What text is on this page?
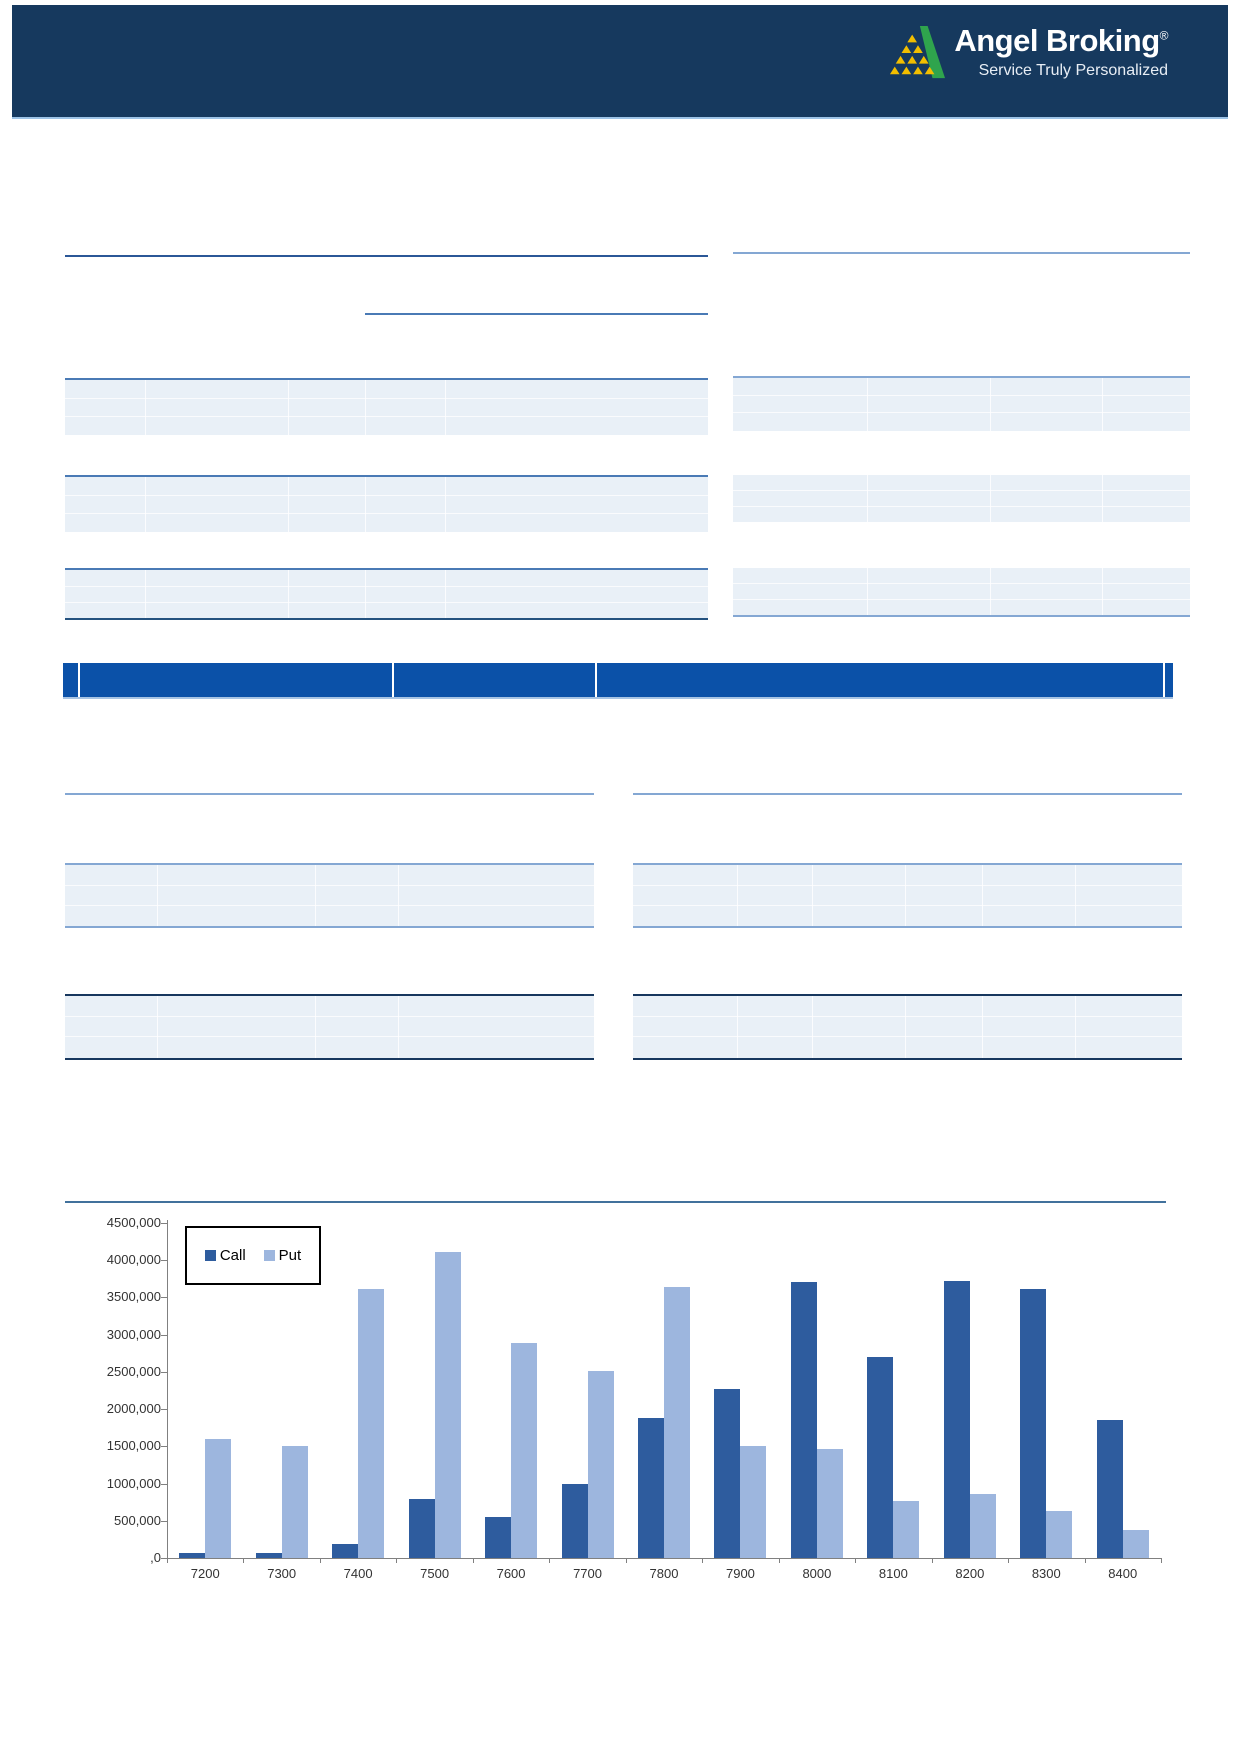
Angel Broking®
Service Truly Personalized
Call Put
,0
500,000
1000,000
1500,000
2000,000
2500,000
3000,000
3500,000
4000,000
4500,000
7200	7300	7400	7500	7600	7700	7800	7900	8000	8100	8200	8300	8400
